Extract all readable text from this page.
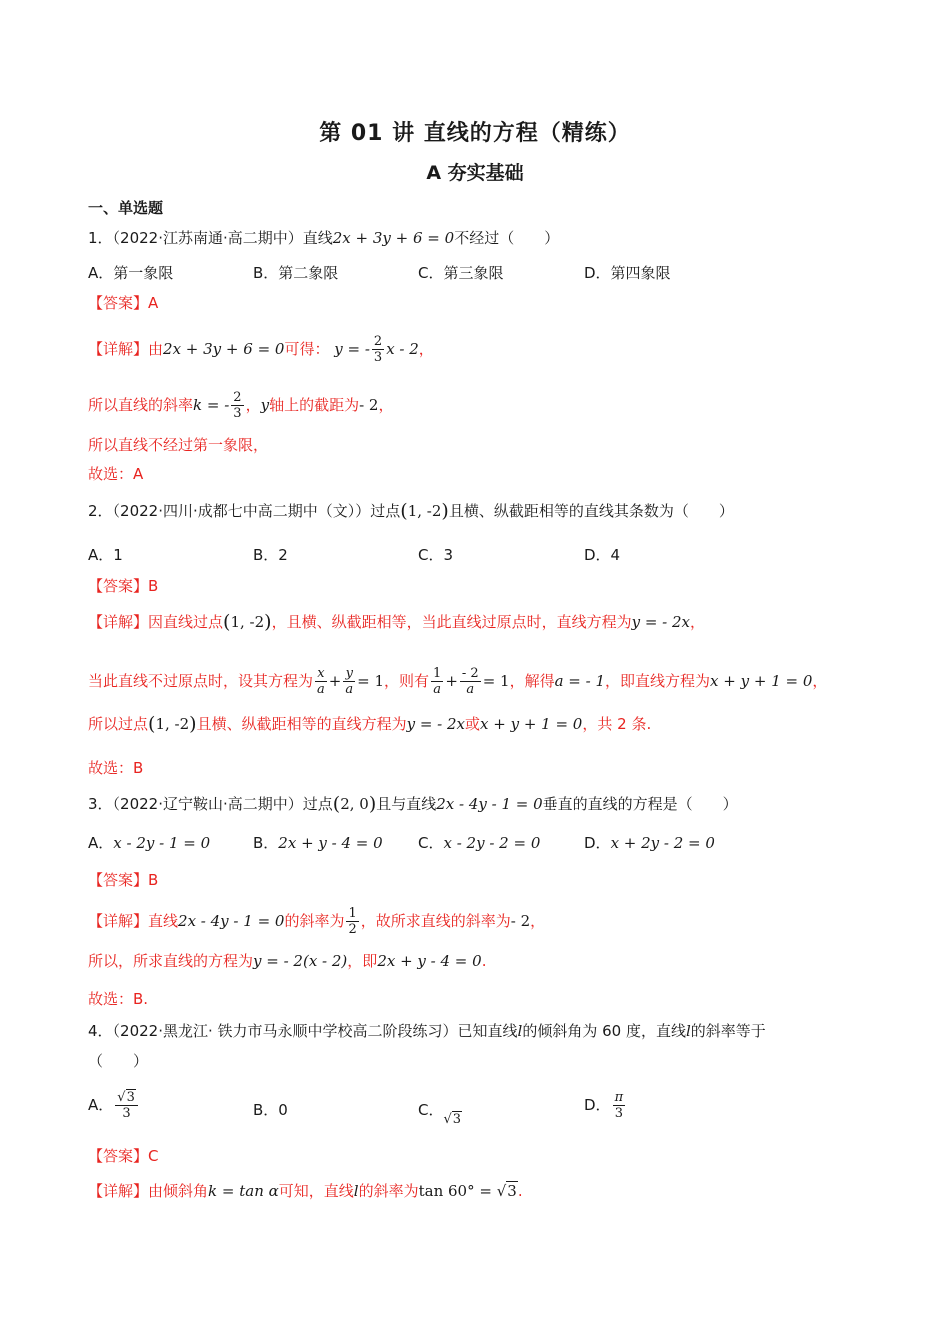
第 01 讲 直线的方程（精练）
A 夯实基础
一、单选题
1．（2022·江苏南通·高二期中）直线2x + 3y + 6 = 0不经过（　　）
A．第一象限	B．第二象限	C．第三象限	D．第四象限
【答案】A
【详解】由2x + 3y + 6 = 0可得： y = - $\frac{2}{3}$ x - 2，
所以直线的斜率k = - $\frac{2}{3}$ ，y轴上的截距为- 2，
所以直线不经过第一象限，
故选：A
2．（2022·四川·成都七中高二期中（文））过点(1, -2)且横、纵截距相等的直线其条数为（　　）
A．1	B．2	C．3	D．4
【答案】B
【详解】因直线过点(1, -2)，且横、纵截距相等，当此直线过原点时，直线方程为y = - 2x，
当此直线不过原点时，设其方程为 $\frac{x}{a} + \frac{y}{a} = 1$，则有 $\frac{1}{a} + \frac{- 2}{a} = 1$，解得a = - 1，即直线方程为x + y + 1 = 0，
所以过点(1, -2)且横、纵截距相等的直线方程为y = - 2x或x + y + 1 = 0，共 2 条.
故选：B
3．（2022·辽宁鞍山·高二期中）过点(2, 0)且与直线2x - 4y - 1 = 0垂直的直线的方程是（　　）
A．x - 2y - 1 = 0	B．2x + y - 4 = 0 C．x - 2y - 2 = 0	D．x + 2y - 2 = 0
【答案】B
【详解】直线2x - 4y - 1 = 0的斜率为 $\frac{1}{2}$ ，故所求直线的斜率为- 2，
所以，所求直线的方程为y = - 2(x - 2)，即2x + y - 4 = 0.
故选：B.
4．（2022·黑龙江· 铁力市马永顺中学校高二阶段练习）已知直线l的倾斜角为 60 度，直线l的斜率等于
（　　）
A． $\frac{√3}{3}$	B．0	C．√3
D． $\frac{\pi}{3}$
【答案】C
【详解】由倾斜角k = tan α可知，直线l的斜率为tan 60° = √3.
